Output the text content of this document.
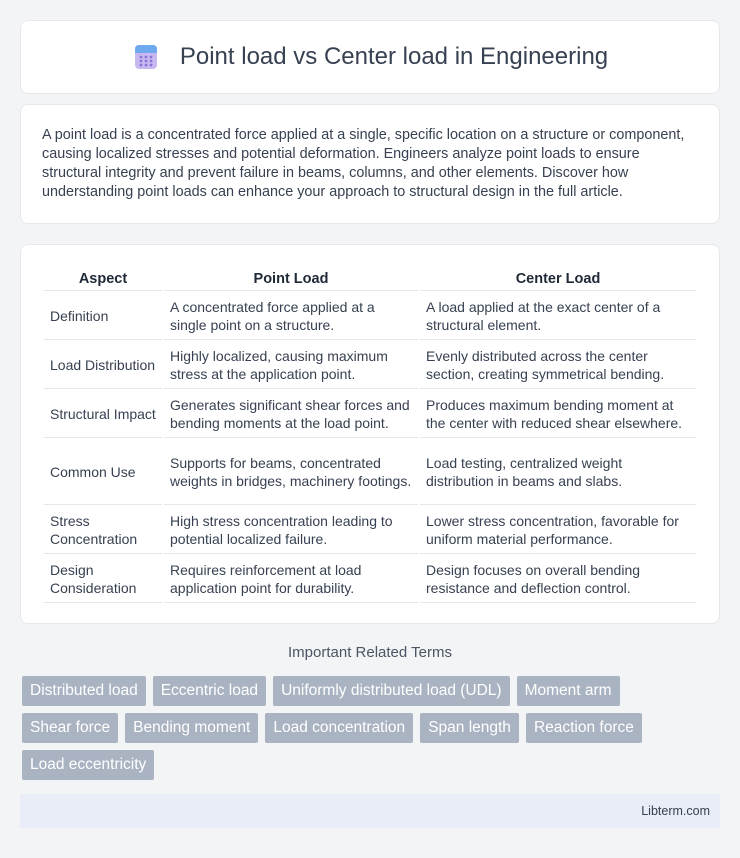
Point load vs Center load in Engineering

A point load is a concentrated force applied at a single, specific location on a structure or component, causing localized stresses and potential deformation. Engineers analyze point loads to ensure structural integrity and prevent failure in beams, columns, and other elements. Discover how understanding point loads can enhance your approach to structural design in the full article.

Aspect	Point Load	Center Load
Definition	A concentrated force applied at a single point on a structure.	A load applied at the exact center of a structural element.
Load Distribution	Highly localized, causing maximum stress at the application point.	Evenly distributed across the center section, creating symmetrical bending.
Structural Impact	Generates significant shear forces and bending moments at the load point.	Produces maximum bending moment at the center with reduced shear elsewhere.
Common Use	Supports for beams, concentrated weights in bridges, machinery footings.	Load testing, centralized weight distribution in beams and slabs.
Stress Concentration	High stress concentration leading to potential localized failure.	Lower stress concentration, favorable for uniform material performance.
Design Consideration	Requires reinforcement at load application point for durability.	Design focuses on overall bending resistance and deflection control.
Important Related Terms
Distributed load	Eccentric load	Uniformly distributed load (UDL)	Moment arm
Shear force	Bending moment	Load concentration	Span length	Reaction force
Load eccentricity
Libterm.com
